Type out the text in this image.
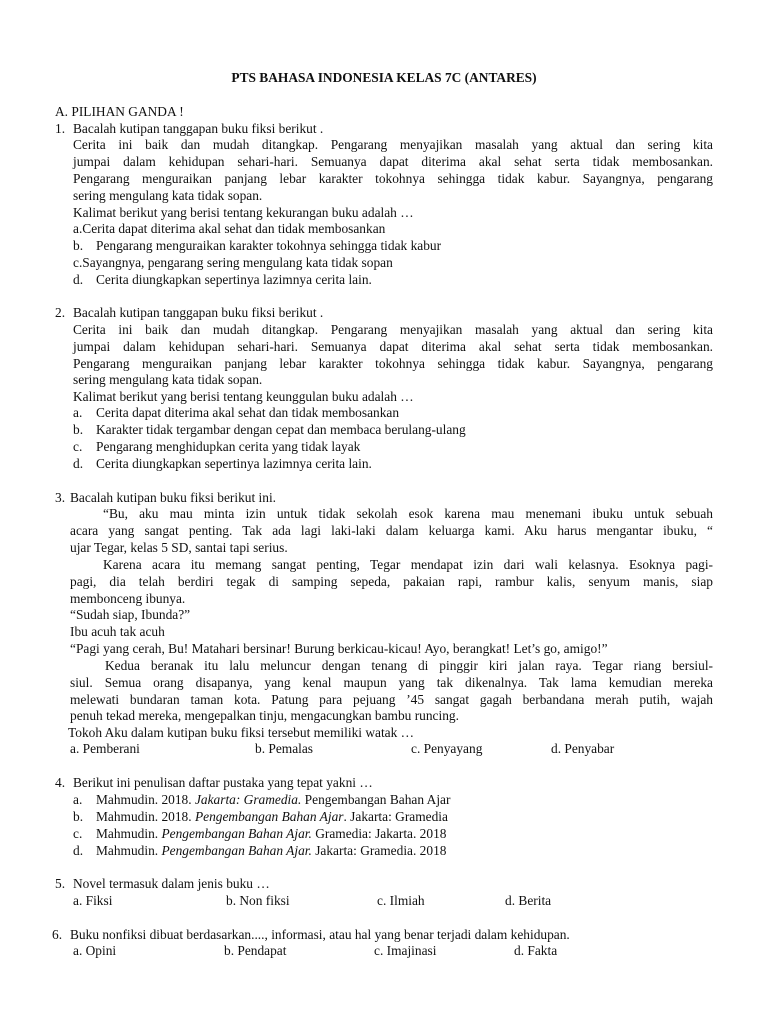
PTS BAHASA INDONESIA KELAS 7C (ANTARES)
A. PILIHAN GANDA !
1. Bacalah kutipan tanggapan buku fiksi berikut .
Cerita ini baik dan mudah ditangkap. Pengarang menyajikan masalah yang aktual dan sering kita
jumpai dalam kehidupan sehari-hari. Semuanya dapat diterima akal sehat serta tidak membosankan.
Pengarang menguraikan panjang lebar karakter tokohnya sehingga tidak kabur. Sayangnya, pengarang
sering mengulang kata tidak sopan.
Kalimat berikut yang berisi tentang kekurangan buku adalah …
a.Cerita dapat diterima akal sehat dan tidak membosankan
b. Pengarang menguraikan karakter tokohnya sehingga tidak kabur
c.Sayangnya, pengarang sering mengulang kata tidak sopan
d. Cerita diungkapkan sepertinya lazimnya cerita lain.
2. Bacalah kutipan tanggapan buku fiksi berikut .
Cerita ini baik dan mudah ditangkap. Pengarang menyajikan masalah yang aktual dan sering kita
jumpai dalam kehidupan sehari-hari. Semuanya dapat diterima akal sehat serta tidak membosankan.
Pengarang menguraikan panjang lebar karakter tokohnya sehingga tidak kabur. Sayangnya, pengarang
sering mengulang kata tidak sopan.
Kalimat berikut yang berisi tentang keunggulan buku adalah …
a. Cerita dapat diterima akal sehat dan tidak membosankan
b. Karakter tidak tergambar dengan cepat dan membaca berulang-ulang
c. Pengarang menghidupkan cerita yang tidak layak
d. Cerita diungkapkan sepertinya lazimnya cerita lain.
3. Bacalah kutipan buku fiksi berikut ini.
“Bu, aku mau minta izin untuk tidak sekolah esok karena mau menemani ibuku untuk sebuah
acara yang sangat penting. Tak ada lagi laki-laki dalam keluarga kami. Aku harus mengantar ibuku, “
ujar Tegar, kelas 5 SD, santai tapi serius.
Karena acara itu memang sangat penting, Tegar mendapat izin dari wali kelasnya. Esoknya pagi-
pagi, dia telah berdiri tegak di samping sepeda, pakaian rapi, rambur kalis, senyum manis, siap
membonceng ibunya.
“Sudah siap, Ibunda?”
Ibu acuh tak acuh
“Pagi yang cerah, Bu! Matahari bersinar! Burung berkicau-kicau! Ayo, berangkat! Let’s go, amigo!”
Kedua beranak itu lalu meluncur dengan tenang di pinggir kiri jalan raya. Tegar riang bersiul-
siul. Semua orang disapanya, yang kenal maupun yang tak dikenalnya. Tak lama kemudian mereka
melewati bundaran taman kota. Patung para pejuang ’45 sangat gagah berbandana merah putih, wajah
penuh tekad mereka, mengepalkan tinju, mengacungkan bambu runcing.
Tokoh Aku dalam kutipan buku fiksi tersebut memiliki watak …
a. Pemberani	b. Pemalas	c. Penyayang	d. Penyabar
4. Berikut ini penulisan daftar pustaka yang tepat yakni …
a. Mahmudin. 2018. Jakarta: Gramedia. Pengembangan Bahan Ajar
b. Mahmudin. 2018. Pengembangan Bahan Ajar. Jakarta: Gramedia
c. Mahmudin. Pengembangan Bahan Ajar. Gramedia: Jakarta. 2018
d. Mahmudin. Pengembangan Bahan Ajar. Jakarta: Gramedia. 2018
5. Novel termasuk dalam jenis buku …
a. Fiksi	b. Non fiksi	c. Ilmiah	d. Berita
6. Buku nonfiksi dibuat berdasarkan...., informasi, atau hal yang benar terjadi dalam kehidupan.
a. Opini	b. Pendapat	c. Imajinasi	d. Fakta
